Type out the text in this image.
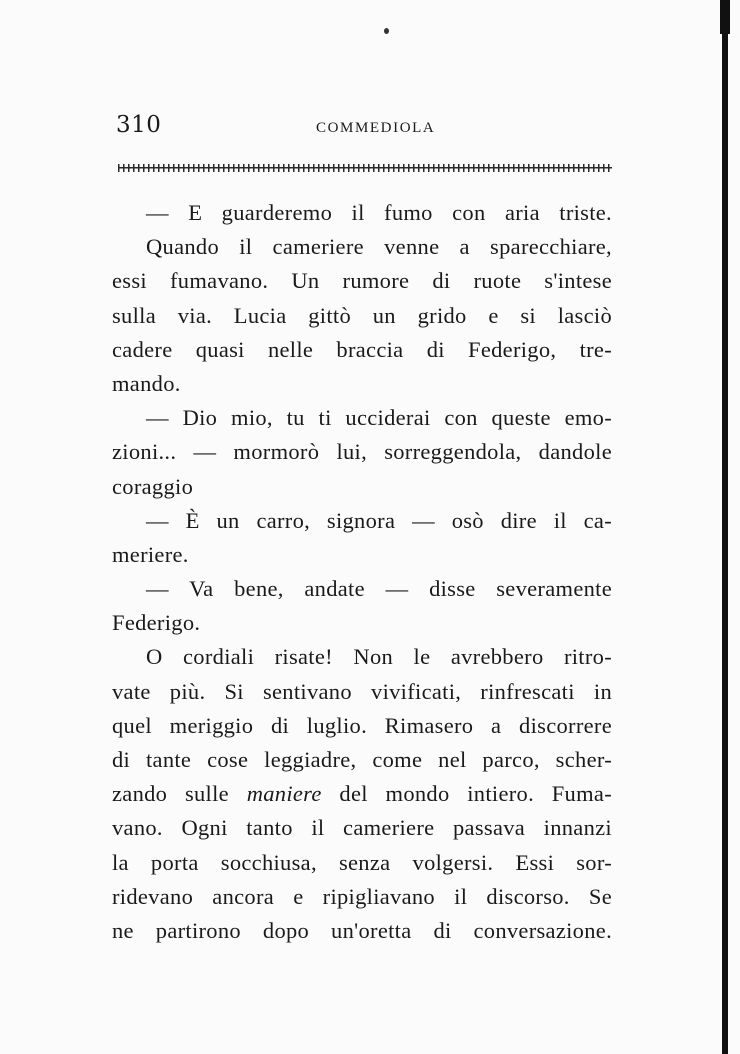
310	COMMEDIOLA
— E guarderemo il fumo con aria triste.
Quando il cameriere venne a sparecchiare,
essi fumavano. Un rumore di ruote s'intese
sulla via. Lucia gittò un grido e si lasciò
cadere quasi nelle braccia di Federigo, tre-
mando.
— Dio mio, tu ti ucciderai con queste emo-
zioni... — mormorò lui, sorreggendola, dandole
coraggio
— È un carro, signora — osò dire il ca-
meriere.
— Va bene, andate — disse severamente
Federigo.
O cordiali risate! Non le avrebbero ritro-
vate più. Si sentivano vivificati, rinfrescati in
quel meriggio di luglio. Rimasero a discorrere
di tante cose leggiadre, come nel parco, scher-
zando sulle maniere del mondo intiero. Fuma-
vano. Ogni tanto il cameriere passava innanzi
la porta socchiusa, senza volgersi. Essi sor-
ridevano ancora e ripigliavano il discorso. Se
ne partirono dopo un'oretta di conversazione.
